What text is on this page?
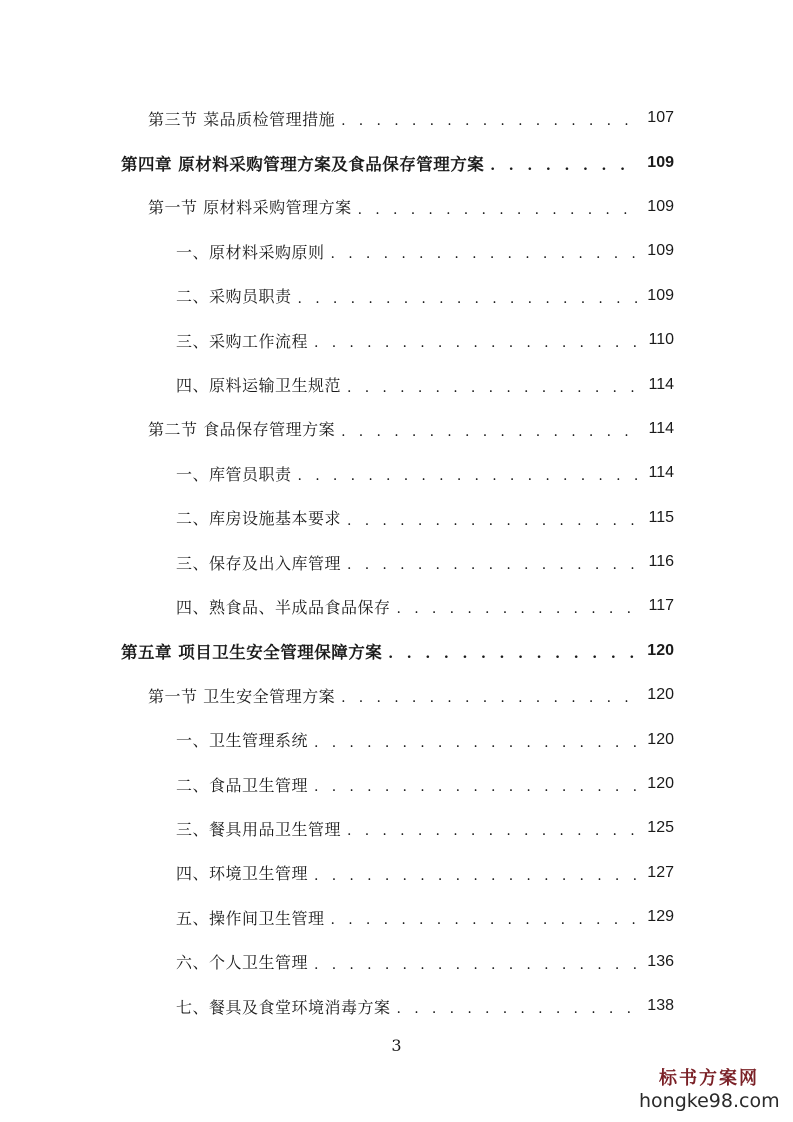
第三节 菜品质检管理措施 . . .	107
第四章 原材料采购管理方案及食品保存管理方案 . . .	109
第一节 原材料采购管理方案 . . .	109
一、原材料采购原则 . . .	109
二、采购员职责 . . .	109
三、采购工作流程 . . .	110
四、原料运输卫生规范 . . .	114
第二节 食品保存管理方案 . . .	114
一、库管员职责 . . .	114
二、库房设施基本要求 . . .	115
三、保存及出入库管理 . . .	116
四、熟食品、半成品食品保存 . . .	117
第五章 项目卫生安全管理保障方案 . . .	120
第一节 卫生安全管理方案 . . .	120
一、卫生管理系统 . . .	120
二、食品卫生管理 . . .	120
三、餐具用品卫生管理 . . .	125
四、环境卫生管理 . . .	127
五、操作间卫生管理 . . .	129
六、个人卫生管理 . . .	136
七、餐具及食堂环境消毒方案 . . .	138
3
标书方案网
hongke98.com
